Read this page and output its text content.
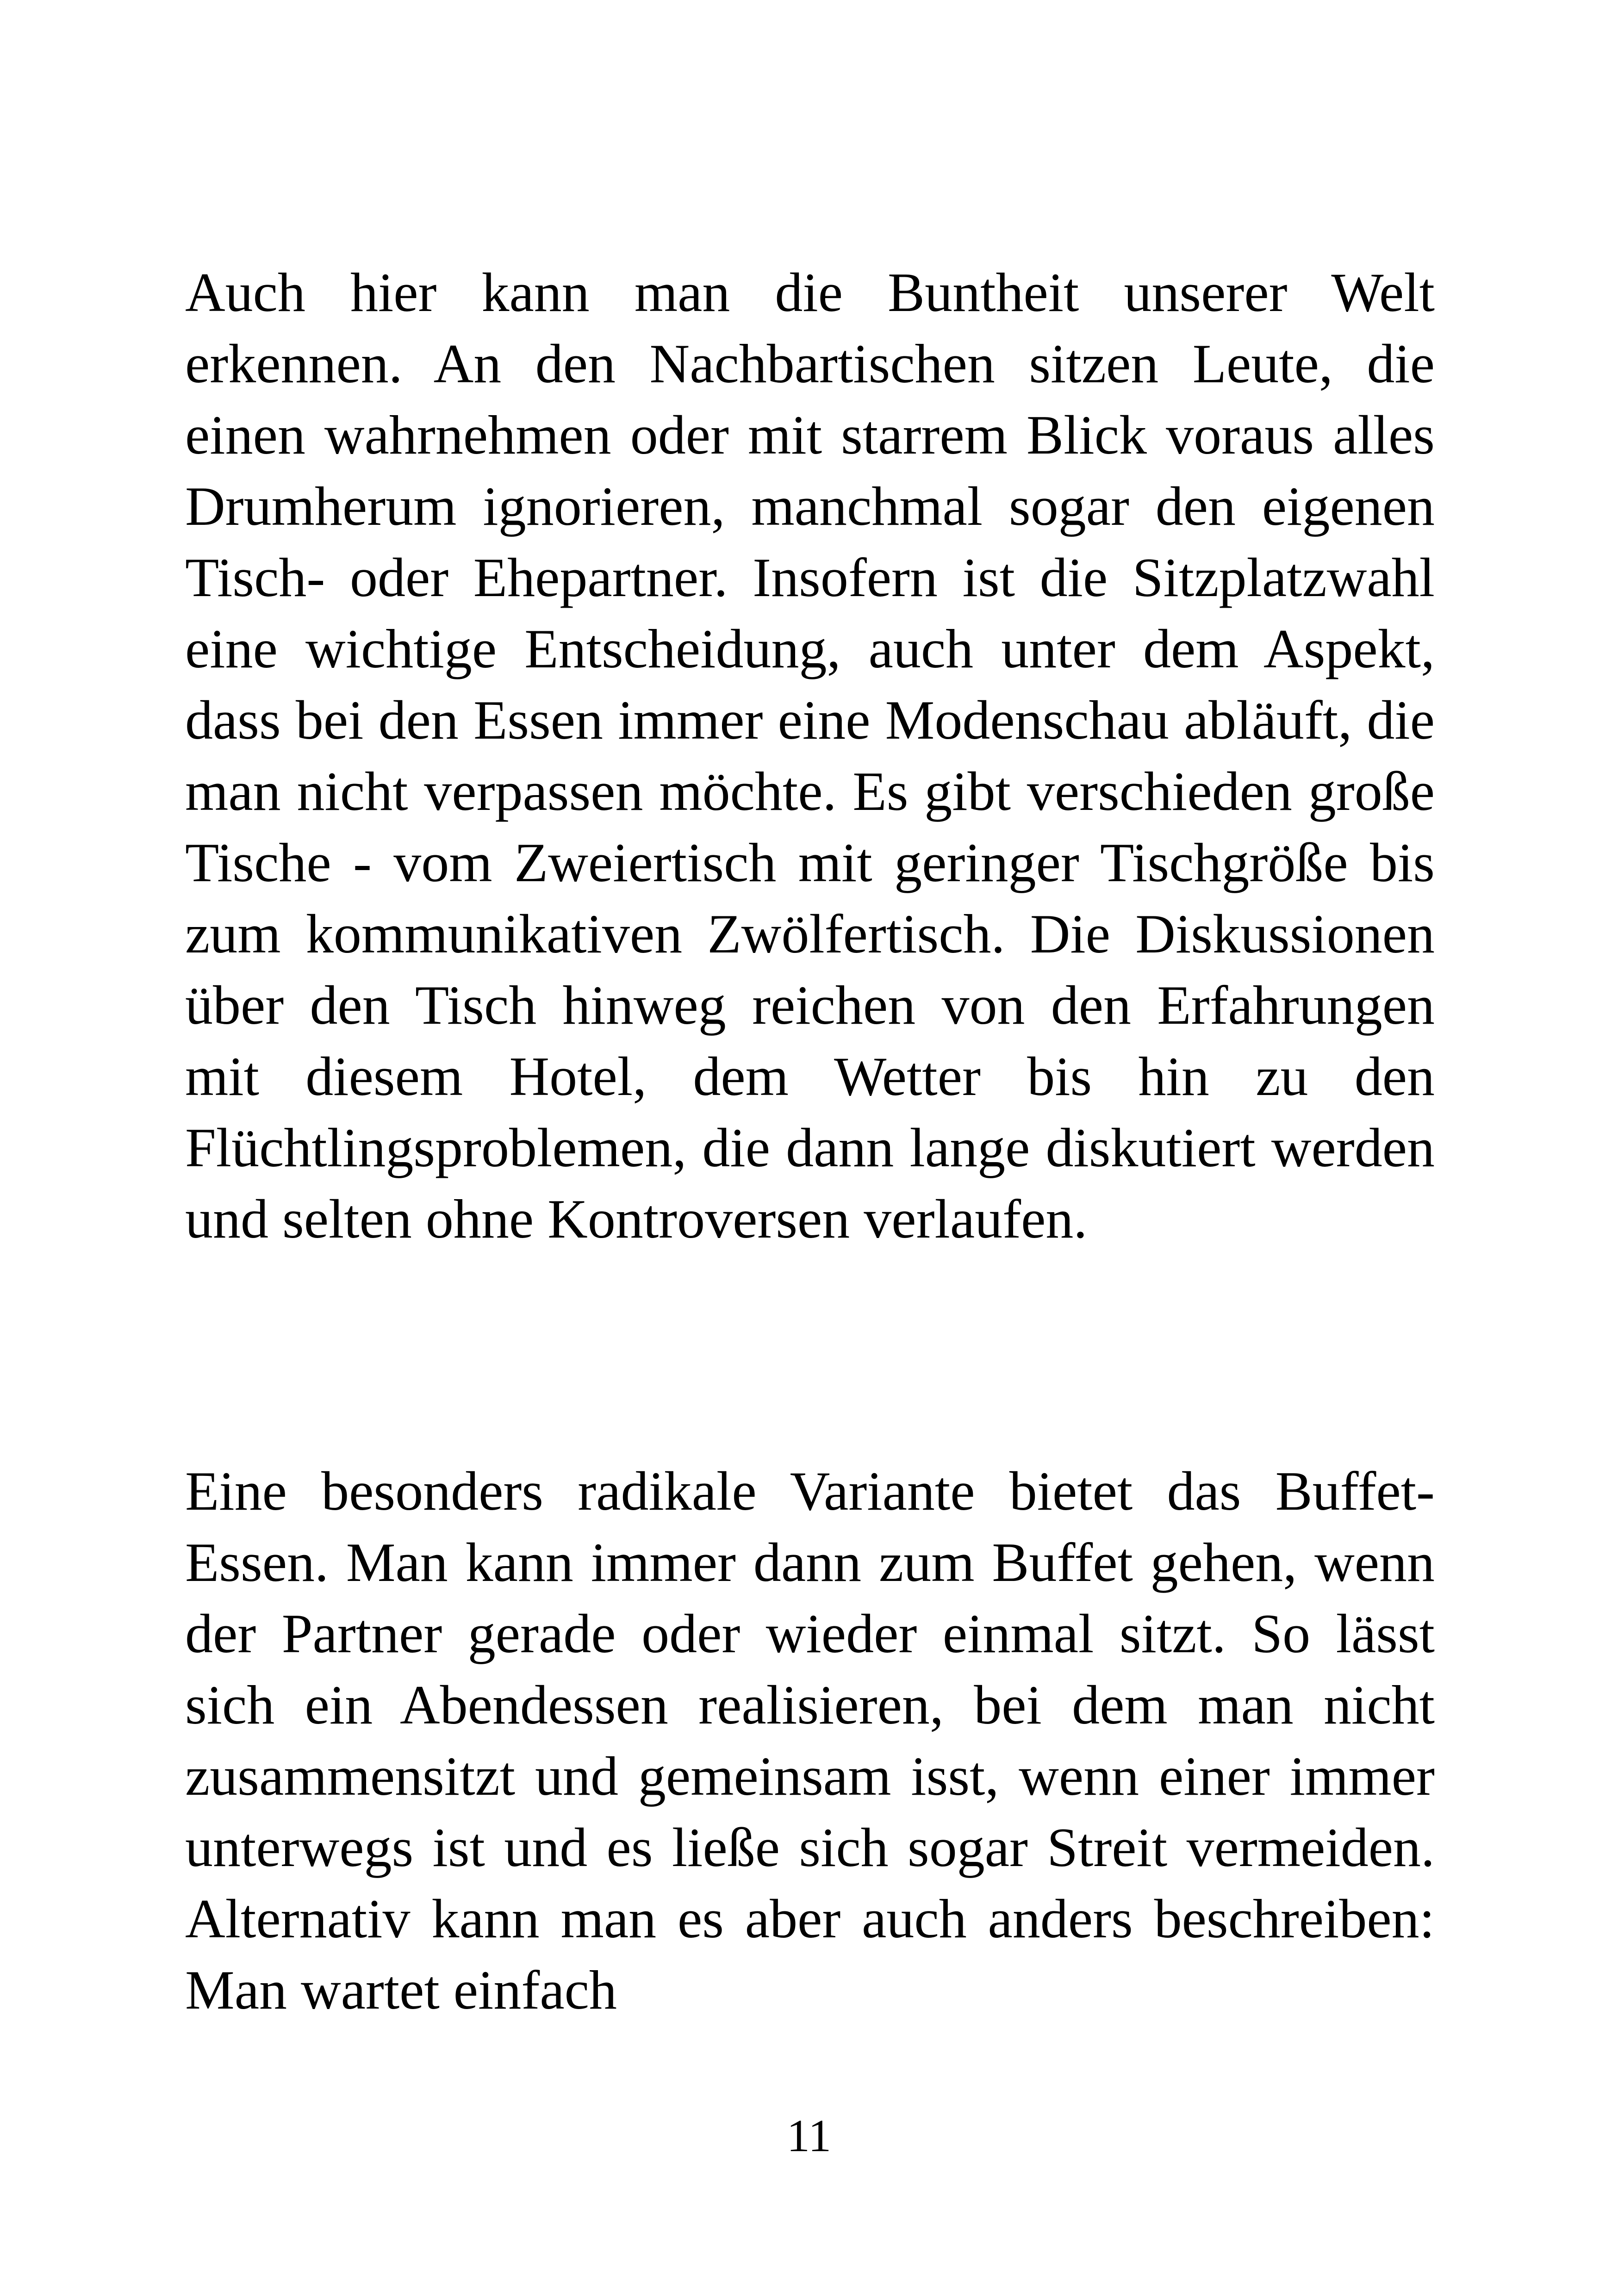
Auch hier kann man die Buntheit unserer Welt erkennen. An den Nachbartischen sitzen Leute, die einen wahrnehmen oder mit starrem Blick voraus alles Drumherum ignorieren, manchmal sogar den eigenen Tisch- oder Ehepartner. Insofern ist die Sitzplatzwahl eine wichtige Entscheidung, auch unter dem Aspekt, dass bei den Essen immer eine Modenschau abläuft, die man nicht verpassen möchte. Es gibt verschieden große Tische - vom Zweiertisch mit geringer Tischgröße bis zum kommunikativen Zwölfertisch. Die Diskussionen über den Tisch hinweg reichen von den Erfahrungen mit diesem Hotel, dem Wetter bis hin zu den Flüchtlingsproblemen, die dann lange diskutiert werden und selten ohne Kontroversen verlaufen.

Eine besonders radikale Variante bietet das Buffet-Essen. Man kann immer dann zum Buffet gehen, wenn der Partner gerade oder wieder einmal sitzt. So lässt sich ein Abendessen realisieren, bei dem man nicht zusammensitzt und gemeinsam isst, wenn einer immer unterwegs ist und es ließe sich sogar Streit vermeiden. Alternativ kann man es aber auch anders beschreiben: Man wartet einfach

11
